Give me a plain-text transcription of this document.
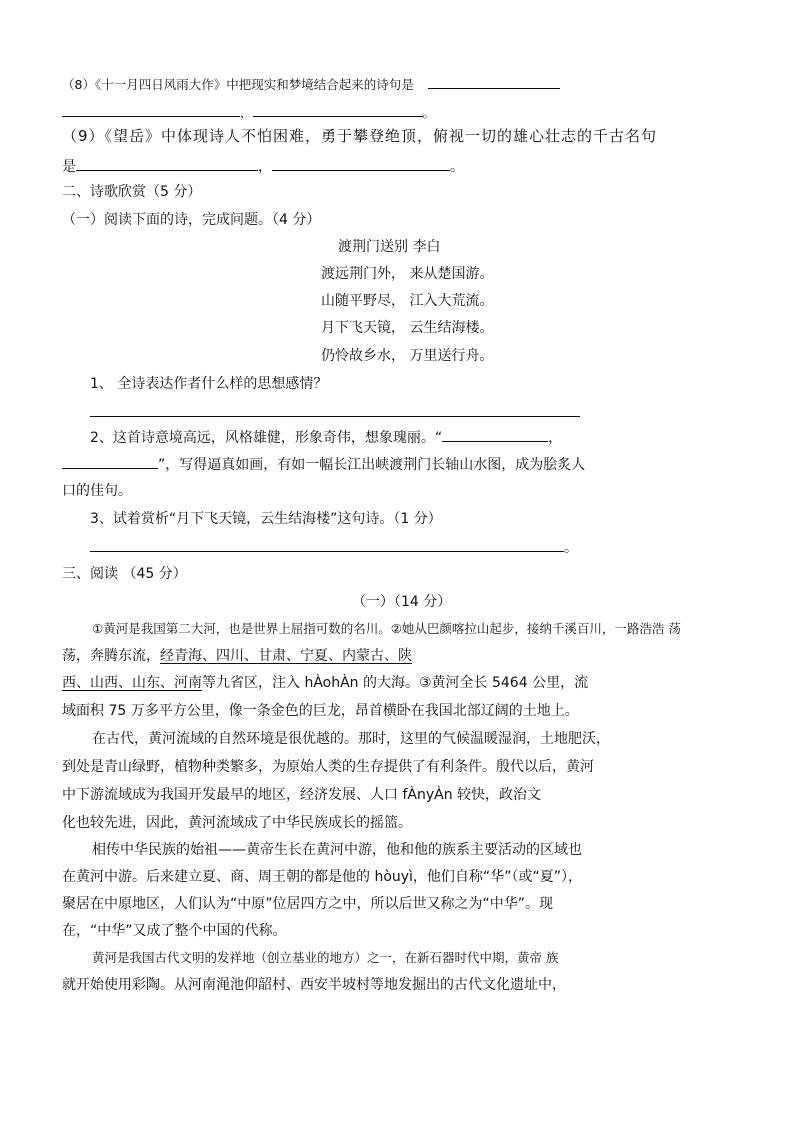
（8）《十一月四日风雨大作》中把现实和梦境结合起来的诗句是
，	。
（9）《望岳》中体现诗人不怕困难，勇于攀登绝顶，俯视一切的雄心壮志的千古名句
是	，	。
二、诗歌欣赏（5 分）
（一）阅读下面的诗，完成问题。（4 分）
渡荆门送别 李白
渡远荆门外， 来从楚国游。
山随平野尽， 江入大荒流。
月下飞天镜， 云生结海楼。
仍怜故乡水， 万里送行舟。
1、 全诗表达作者什么样的思想感情？
2、这首诗意境高远，风格雄健，形象奇伟，想象瑰丽。“	，
”，写得逼真如画，有如一幅长江出峡渡荆门长轴山水图，成为脍炙人
口的佳句。
3、试着赏析“月下飞天镜，云生结海楼”这句诗。（1 分）
。
三、阅读 （45 分）
（一）（14 分）
①黄河是我国第二大河，也是世界上屈指可数的名川。②她从巴颜喀拉山起步，接纳千溪百川，一路浩浩 荡
荡，奔腾东流，经青海、四川、甘肃、宁夏、内蒙古、陕
西、山西、山东、河南等九省区，注入 hÀohÀn 的大海。③黄河全长 5464 公里，流
域面积 75 万多平方公里，像一条金色的巨龙，昂首横卧在我国北部辽阔的土地上。
在古代，黄河流域的自然环境是很优越的。那时，这里的气候温暖湿润，土地肥沃，
到处是青山绿野，植物种类繁多，为原始人类的生存提供了有利条件。殷代以后，黄河
中下游流域成为我国开发最早的地区，经济发展、人口 fÀnyÀn 较快，政治文
化也较先进，因此，黄河流域成了中华民族成长的摇篮。
相传中华民族的始祖——黄帝生长在黄河中游，他和他的族系主要活动的区域也
在黄河中游。后来建立夏、商、周王朝的都是他的 hòuyì，他们自称“华”（或“夏”），
聚居在中原地区，人们认为“中原”位居四方之中，所以后世又称之为“中华”。现
在，“中华”又成了整个中国的代称。
黄河是我国古代文明的发祥地（创立基业的地方）之一，在新石器时代中期，黄帝 族
就开始使用彩陶。从河南渑池仰韶村、西安半坡村等地发掘出的古代文化遗址中，
